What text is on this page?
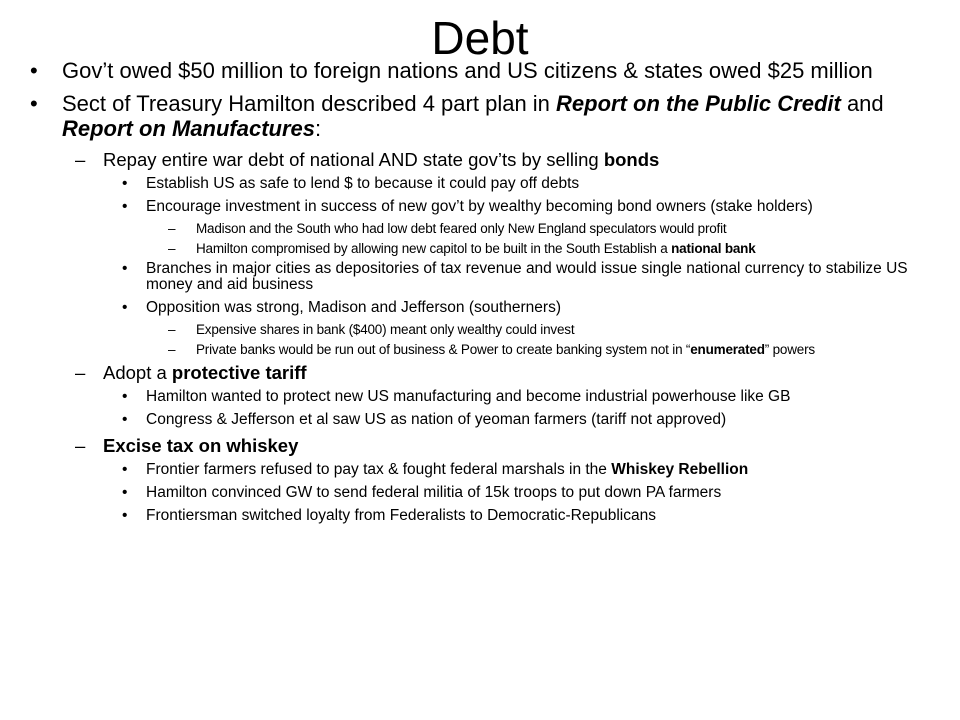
Debt
•	Gov’t owed $50 million to foreign nations and US citizens & states owed $25 million
•	Sect of Treasury Hamilton described 4 part plan in Report on the Public Credit and Report on Manufactures:
– Repay entire war debt of national AND state gov’ts by selling bonds
•	Establish US as safe to lend $ to because it could pay off debts
•	Encourage investment in success of new gov’t by wealthy becoming bond owners (stake holders)
–	Madison and the South who had low debt feared only New England speculators would profit
–	Hamilton compromised by allowing new capitol to be built in the South Establish a national bank
•	Branches in major cities as depositories of tax revenue and would issue single national currency to stabilize US money and aid business
•	Opposition was strong, Madison and Jefferson (southerners)
–	Expensive shares in bank ($400) meant only wealthy could invest
–	Private banks would be run out of business & Power to create banking system not in “enumerated” powers
– Adopt a protective tariff
•	Hamilton wanted to protect new US manufacturing and become industrial powerhouse like GB
•	Congress & Jefferson et al saw US as nation of yeoman farmers (tariff not approved)
– Excise tax on whiskey
•	Frontier farmers refused to pay tax & fought federal marshals in the Whiskey Rebellion
•	Hamilton convinced GW to send federal militia of 15k troops to put down PA farmers
•	Frontiersman switched loyalty from Federalists to Democratic-Republicans
